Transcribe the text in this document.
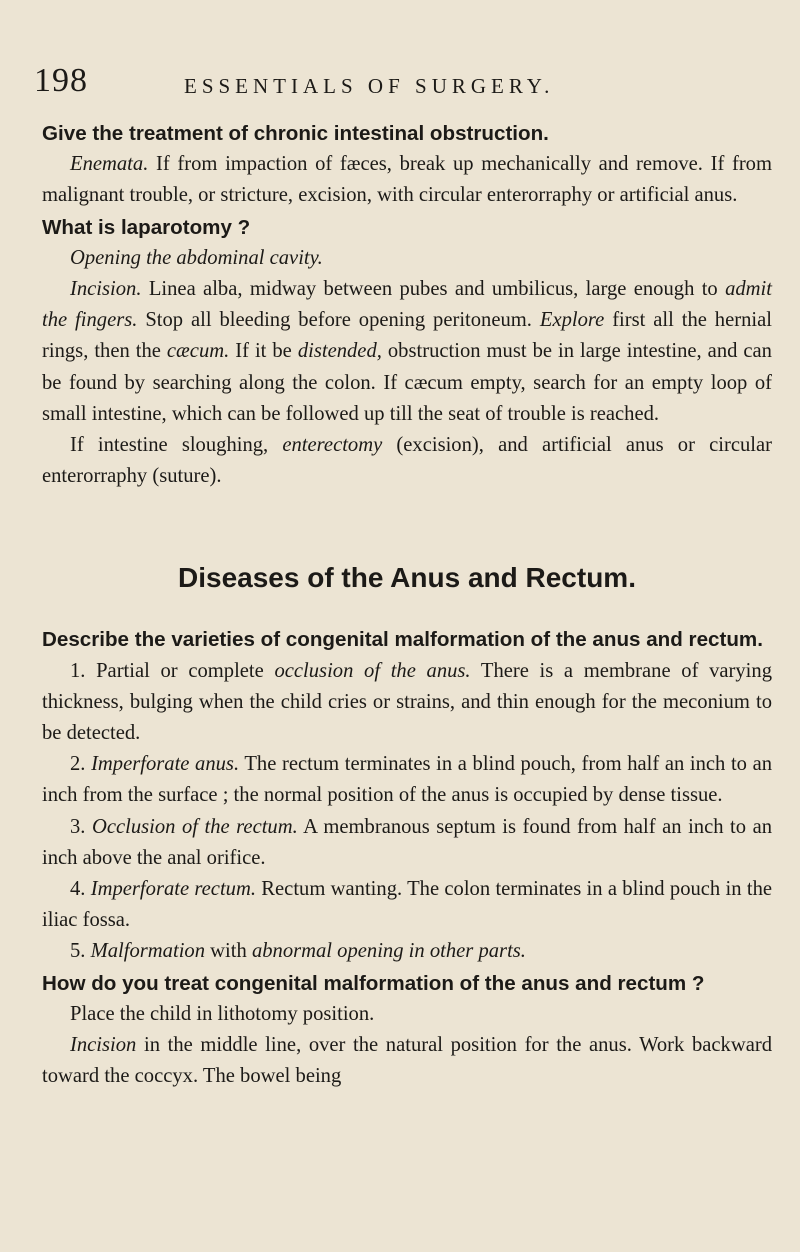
198	ESSENTIALS OF SURGERY.

Give the treatment of chronic intestinal obstruction.

Enemata. If from impaction of fæces, break up mechanically and remove. If from malignant trouble, or stricture, excision, with circular enterorraphy or artificial anus.

What is laparotomy ?

Opening the abdominal cavity.

Incision. Linea alba, midway between pubes and umbilicus, large enough to admit the fingers. Stop all bleeding before opening peritoneum. Explore first all the hernial rings, then the cæcum. If it be distended, obstruction must be in large intestine, and can be found by searching along the colon. If cæcum empty, search for an empty loop of small intestine, which can be followed up till the seat of trouble is reached.

If intestine sloughing, enterectomy (excision), and artificial anus or circular enterorraphy (suture).

Diseases of the Anus and Rectum.

Describe the varieties of congenital malformation of the anus and rectum.

1. Partial or complete occlusion of the anus. There is a membrane of varying thickness, bulging when the child cries or strains, and thin enough for the meconium to be detected.

2. Imperforate anus. The rectum terminates in a blind pouch, from half an inch to an inch from the surface ; the normal position of the anus is occupied by dense tissue.

3. Occlusion of the rectum. A membranous septum is found from half an inch to an inch above the anal orifice.

4. Imperforate rectum. Rectum wanting. The colon terminates in a blind pouch in the iliac fossa.

5. Malformation with abnormal opening in other parts.

How do you treat congenital malformation of the anus and rectum ?

Place the child in lithotomy position.

Incision in the middle line, over the natural position for the anus. Work backward toward the coccyx. The bowel being
